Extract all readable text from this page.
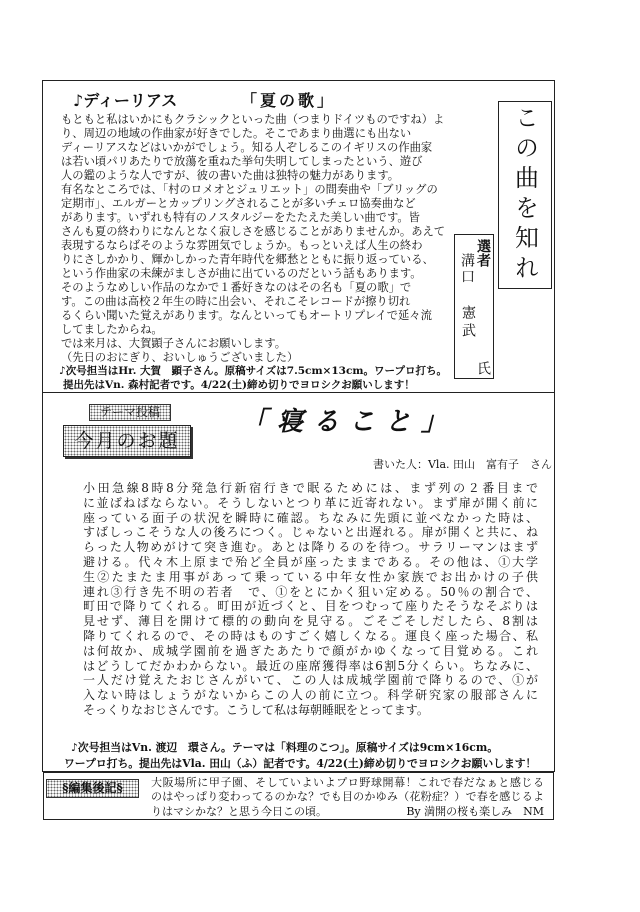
♪ディーリアス	「夏の歌」
もともと私はいかにもクラシックといった曲（つまりドイツものですね）よ
り、周辺の地域の作曲家が好きでした。そこであまり曲選にも出ない
ディーリアスなどはいかがでしょう。知る人ぞしるこのイギリスの作曲家
は若い頃パリあたりで放蕩を重ねた挙句失明してしまったという、遊び
人の鑑のような人ですが、彼の書いた曲は独特の魅力があります。
有名なところでは、「村のロメオとジュリエット」の間奏曲や「ブリッグの
定期市」、エルガーとカップリングされることが多いチェロ協奏曲など
があります。いずれも特有のノスタルジーをたたえた美しい曲です。皆
さんも夏の終わりになんとなく寂しさを感じることがありませんか。あえて
表現するならばそのような雰囲気でしょうか。もっといえば人生の終わ
りにさしかかり、輝かしかった青年時代を郷愁とともに振り返っている、
という作曲家の未練がましさが曲に出ているのだという話もあります。
そのようなめしい作品のなかで１番好きなのはその名も「夏の歌」で
す。この曲は高校２年生の時に出会い、それこそレコードが擦り切れ
るくらい聞いた覚えがあります。なんといってもオートリプレイで延々流
してましたからね。
では来月は、大賀顕子さんにお願いします。
（先日のおにぎり、おいしゅうございました）
♪次号担当はHr. 大賀　顕子さん。原稿サイズは7.5cm×13cm。ワープロ打ち。
提出先はVn. 森村記者です。4/22(土)締め切りでヨロシクお願いします！
この曲を知れ
選者
溝口
憲武
氏
テーマ投稿
今月のお題
「寝ること」
書いた人：Vla. 田山　富有子　さん
小田急線8時8分発急行新宿行きで眠るためには、まず列の２番目まで
に並ばねばならない。そうしないとつり革に近寄れない。まず扉が開く前に
座っている面子の状況を瞬時に確認。ちなみに先頭に並べなかった時は、
すばしっこそうな人の後ろにつく。じゃないと出遅れる。扉が開くと共に、ね
らった人物めがけて突き進む。あとは降りるのを待つ。サラリーマンはまず
避ける。代々木上原まで殆ど全員が座ったままである。その他は、①大学
生②たまたま用事があって乗っている中年女性か家族でお出かけの子供
連れ③行き先不明の若者　で、①をとにかく狙い定める。50％の割合で、
町田で降りてくれる。町田が近づくと、目をつむって座りたそうなそぶりは
見せず、薄目を開けて標的の動向を見守る。ごそごそしだしたら、8割は
降りてくれるので、その時はものすごく嬉しくなる。運良く座った場合、私
は何故か、成城学園前を過ぎたあたりで顔がかゆくなって目覚める。これ
はどうしてだかわからない。最近の座席獲得率は6割5分くらい。ちなみに、
一人だけ覚えたおじさんがいて、この人は成城学園前で降りるので、①が
入ない時はしょうがないからこの人の前に立つ。科学研究家の服部さんに
そっくりなおじさんです。こうして私は毎朝睡眠をとってます。
♪次号担当はVn. 渡辺　環さん。テーマは「料理のこつ」。原稿サイズは9cm×16cm。
ワープロ打ち。提出先はVla. 田山（ふ）記者です。4/22(土)締め切りでヨロシクお願いします！
§編集後記§	大阪場所に甲子園、そしていよいよプロ野球開幕！これで春だなぁと感じる
のはやっぱり変わってるのかな？でも目のかゆみ（花粉症？）で春を感じるよ
りはマシかな？と思う今日この頃。	By 満開の桜も楽しみ　NM
